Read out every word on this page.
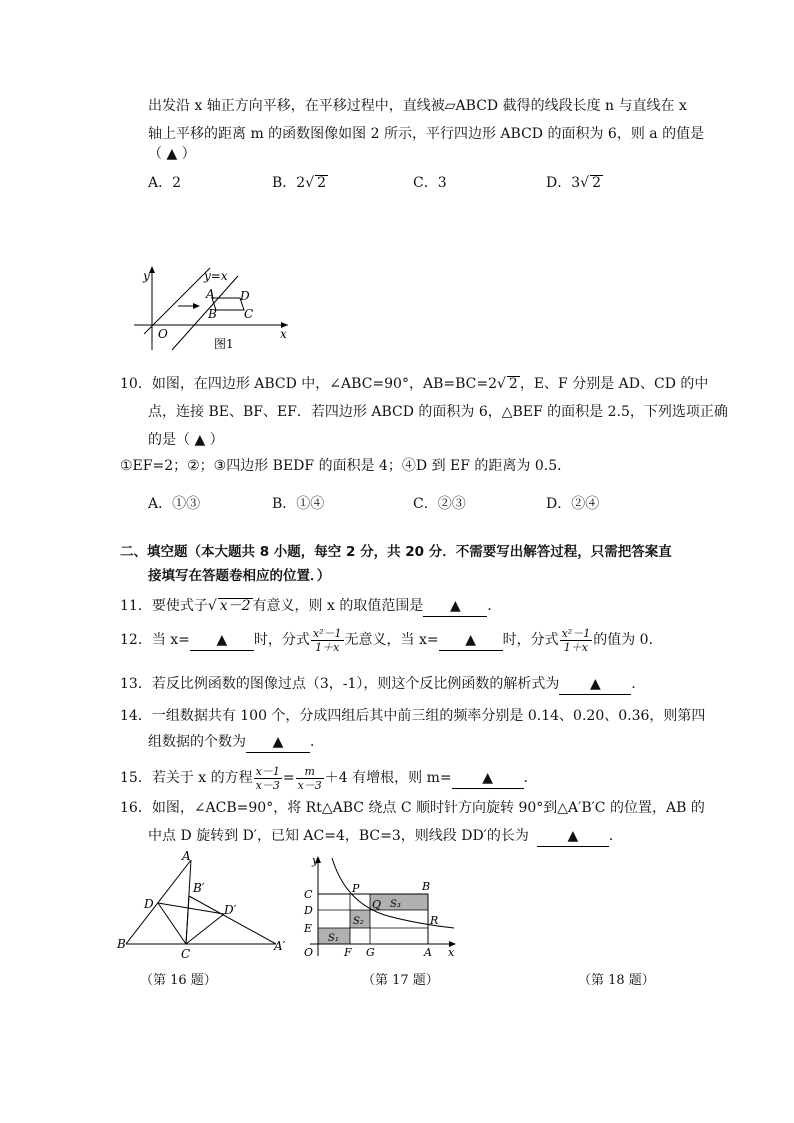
出发沿 x 轴正方向平移，在平移过程中，直线被▱ABCD 截得的线段长度 n 与直线在 x
轴上平移的距离 m 的函数图像如图 2 所示，平行四边形 ABCD 的面积为 6，则 a 的值是
（ ▲ ）
A．2	B．2√ 2	C．3	D．3√ 2
y
x
O
y=x
A D
B C
图1
10．如图，在四边形 ABCD 中，∠ABC=90°，AB=BC=2√ 2 ，E、F 分别是 AD、CD 的中
点，连接 BE、BF、EF．若四边形 ABCD 的面积为 6，△BEF 的面积是 2.5，下列选项正确
的是（ ▲ ）
①EF=2；②；③四边形 BEDF 的面积是 4；④D 到 EF 的距离为 0.5．
A．①③	B．①④	C．②③	D．②④
二、填空题（本大题共 8 小题，每空 2 分，共 20 分．不需要写出解答过程，只需把答案直
接填写在答题卷相应的位置．）
11．要使式子√ x－2 有意义，则 x 的取值范围是 ▲ ．
12．当 x= ▲ 时，分式 $\frac{\text{x²－1}}{1+x}$ 无意义，当 x= ▲ 时，分式 $\frac{\text{x²－1}}{1+x}$ 的值为 0．
13．若反比例函数的图像过点（3，-1），则这个反比例函数的解析式为 ▲ ．
14．一组数据共有 100 个，分成四组后其中前三组的频率分别是 0.14、0.20、0.36，则第四
组数据的个数为 ▲ ．
15．若关于 x 的方程 $\frac{x-1}{x-3} = \frac{m}{x-3} +4$ 有增根，则 m= ▲ ．
16．如图，∠ACB=90°，将 Rt△ABC 绕点 C 顺时针方向旋转 90°到△A′B′C 的位置，AB 的
中点 D 旋转到 D′，已知 AC=4，BC=3，则线段 DD′的长为	▲ ．
A
B
C
D
B′
D′
A′
（第 16 题）
y
x
O
C
D
E
P
Q
B
R
F G	A
S₁
S₂
S₃
（第 17 题）	（第 18 题）
